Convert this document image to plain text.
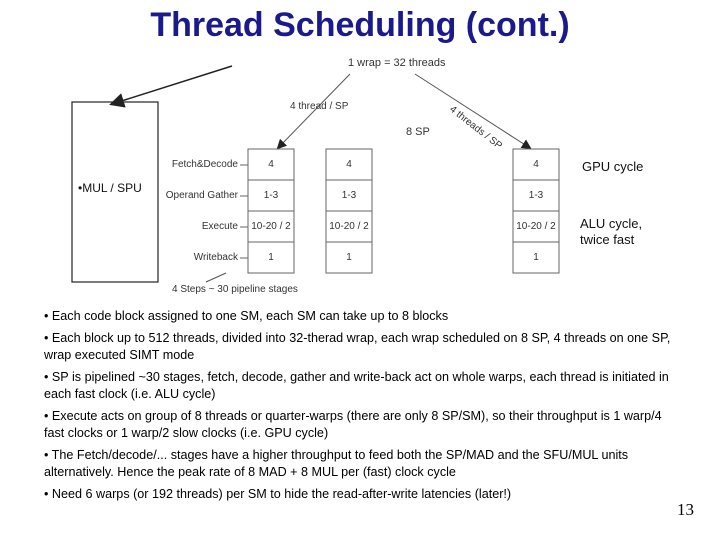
Thread Scheduling (cont.)
1 wrap = 32 threads
4 thread / SP	4 threads / SP
8 SP
•MUL / SPU
Fetch&Decode
Operand Gather
Execute
Writeback
4
1-3
10-20 / 2
1
4
1-3
10-20 / 2
1
4
1-3
10-20 / 2
1
4 Steps ~ 30 pipeline stages
GPU cycle
ALU cycle, twice fast

• Each code block assigned to one SM, each SM can take up to 8 blocks

• Each block up to 512 threads, divided into 32-therad wrap, each wrap scheduled on 8 SP, 4 threads on one SP, wrap executed SIMT mode

• SP is pipelined ~30 stages, fetch, decode, gather and write-back act on whole warps, each thread is initiated in each fast clock (i.e. ALU cycle)

• Execute acts on group of 8 threads or quarter-warps (there are only 8 SP/SM), so their throughput is 1 warp/4 fast clocks or 1 warp/2 slow clocks (i.e. GPU cycle)

• The Fetch/decode/... stages have a higher throughput to feed both the SP/MAD and the SFU/MUL units alternatively. Hence the peak rate of 8 MAD + 8 MUL per (fast) clock cycle

• Need 6 warps (or 192 threads) per SM to hide the read-after-write latencies (later!)

13
